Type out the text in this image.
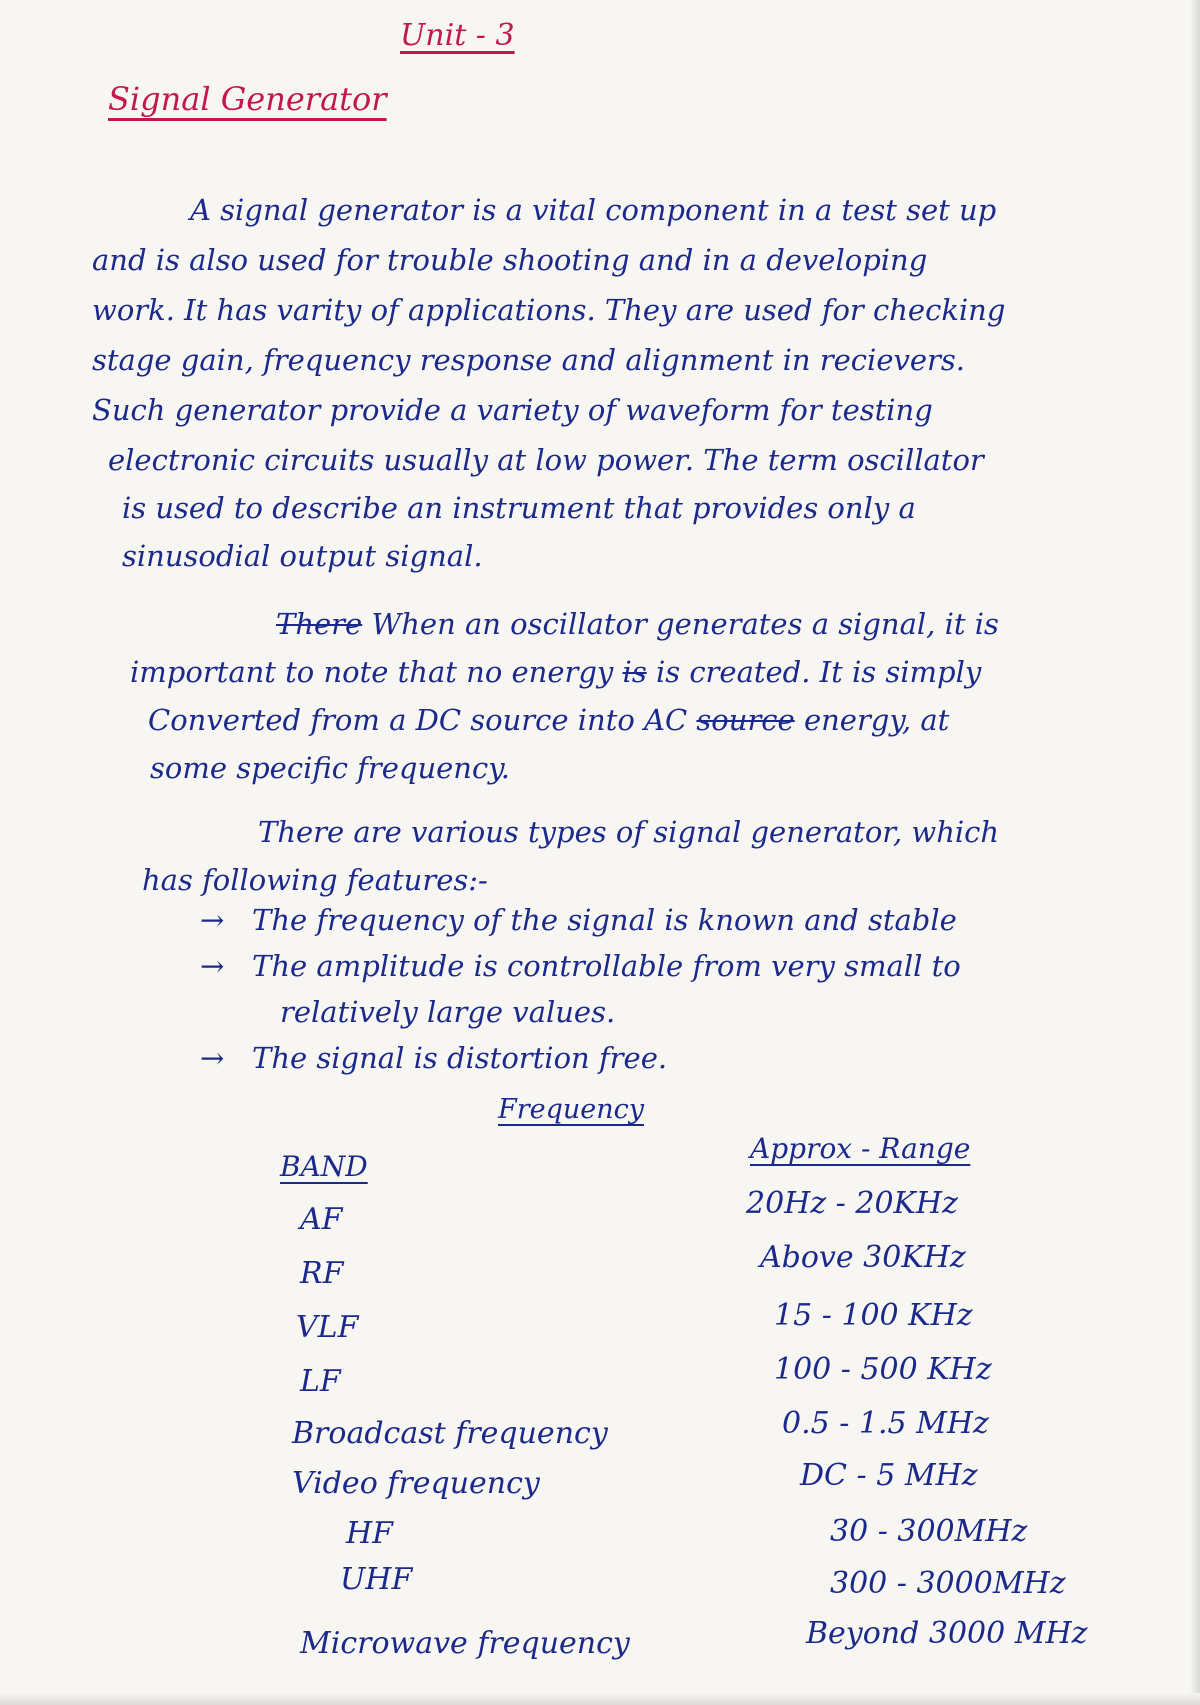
Unit - 3
Signal Generator
A signal generator is a vital component in a test set up
and is also used for trouble shooting and in a developing
work. It has varity of applications. They are used for checking
stage gain, frequency response and alignment in recievers.
Such generator provide a variety of waveform for testing
electronic circuits usually at low power. The term oscillator
is used to describe an instrument that provides only a
sinusodial output signal.
There When an oscillator generates a signal, it is
important to note that no energy is is created. It is simply
Converted from a DC source into AC source energy, at
some specific frequency.
There are various types of signal generator, which
has following features:-
→ The frequency of the signal is known and stable
→ The amplitude is controllable from very small to
relatively large values.
→ The signal is distortion free.
Frequency
BAND
Approx - Range
AF	20Hz - 20KHz
RF	Above 30KHz
VLF	15 - 100 KHz
LF	100 - 500 KHz
Broadcast frequency	0.5 - 1.5 MHz
Video frequency	DC - 5 MHz
HF	30 - 300MHz
UHF	300 - 3000MHz
Microwave frequency	Beyond 3000 MHz
